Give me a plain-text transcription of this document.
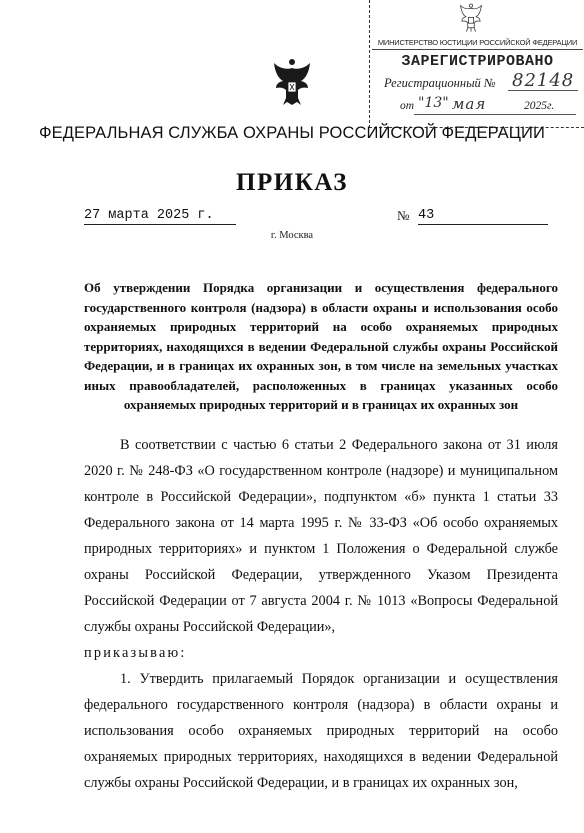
МИНИСТЕРСТВО ЮСТИЦИИ РОССИЙСКОЙ ФЕДЕРАЦИИ
ЗАРЕГИСТРИРОВАНО
Регистрационный № 82148
от "13" мая	2025г.
ФЕДЕРАЛЬНАЯ СЛУЖБА ОХРАНЫ РОССИЙСКОЙ ФЕДЕРАЦИИ
ПРИКАЗ
27 марта 2025 г.	№ 43
г. Москва
Об утверждении Порядка организации и осуществления федерального государственного контроля (надзора) в области охраны и использования особо охраняемых природных территорий на особо охраняемых природных территориях, находящихся в ведении Федеральной службы охраны Российской Федерации, и в границах их охранных зон, в том числе на земельных участках иных правообладателей, расположенных в границах указанных особо охраняемых природных территорий и в границах их охранных зон

В соответствии с частью 6 статьи 2 Федерального закона от 31 июля 2020 г. № 248-ФЗ «О государственном контроле (надзоре) и муниципальном контроле в Российской Федерации», подпунктом «б» пункта 1 статьи 33 Федерального закона от 14 марта 1995 г. № 33-ФЗ «Об особо охраняемых природных территориях» и пунктом 1 Положения о Федеральной службе охраны Российской Федерации, утвержденного Указом Президента Российской Федерации от 7 августа 2004 г. № 1013 «Вопросы Федеральной службы охраны Российской Федерации»,

приказываю:

1. Утвердить прилагаемый Порядок организации и осуществления федерального государственного контроля (надзора) в области охраны и использования особо охраняемых природных территорий на особо охраняемых природных территориях, находящихся в ведении Федеральной службы охраны Российской Федерации, и в границах их охранных зон,
